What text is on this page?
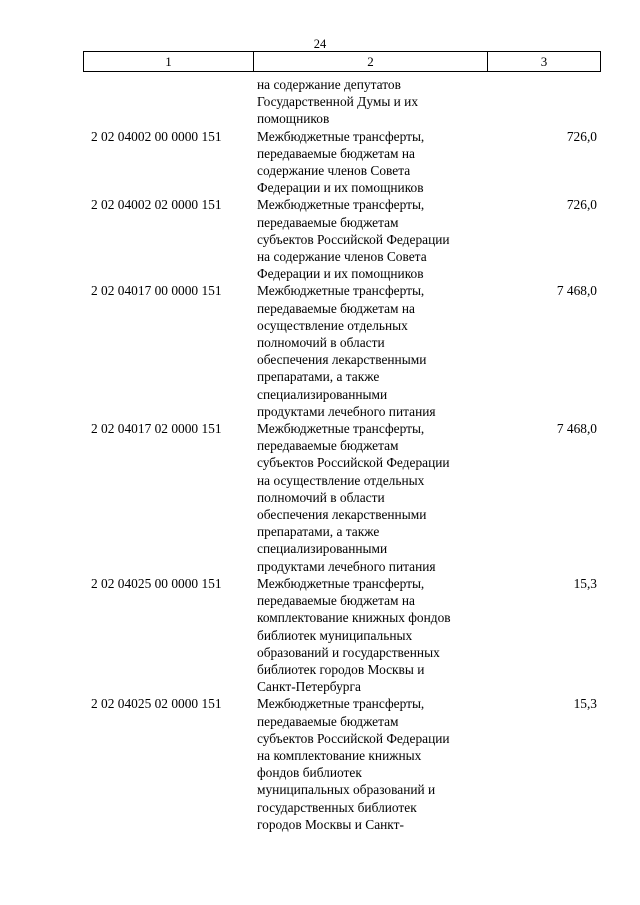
24
1	2	3
на содержание депутатов
Государственной Думы и их
помощников
2 02 04002 00 0000 151	Межбюджетные трансферты,
передаваемые бюджетам на
содержание членов Совета
Федерации и их помощников
726,0
2 02 04002 02 0000 151	Межбюджетные трансферты,
передаваемые бюджетам
субъектов Российской Федерации
на содержание членов Совета
Федерации и их помощников
726,0
2 02 04017 00 0000 151	Межбюджетные трансферты,
передаваемые бюджетам на
осуществление отдельных
полномочий в области
обеспечения лекарственными
препаратами, а также
специализированными
продуктами лечебного питания
7 468,0
2 02 04017 02 0000 151	Межбюджетные трансферты,
передаваемые бюджетам
субъектов Российской Федерации
на осуществление отдельных
полномочий в области
обеспечения лекарственными
препаратами, а также
специализированными
продуктами лечебного питания
7 468,0
2 02 04025 00 0000 151	Межбюджетные трансферты,
передаваемые бюджетам на
комплектование книжных фондов
библиотек муниципальных
образований и государственных
библиотек городов Москвы и
Санкт-Петербурга
15,3
2 02 04025 02 0000 151	Межбюджетные трансферты,
передаваемые бюджетам
субъектов Российской Федерации
на комплектование книжных
фондов библиотек
муниципальных образований и
государственных библиотек
городов Москвы и Санкт-
15,3
